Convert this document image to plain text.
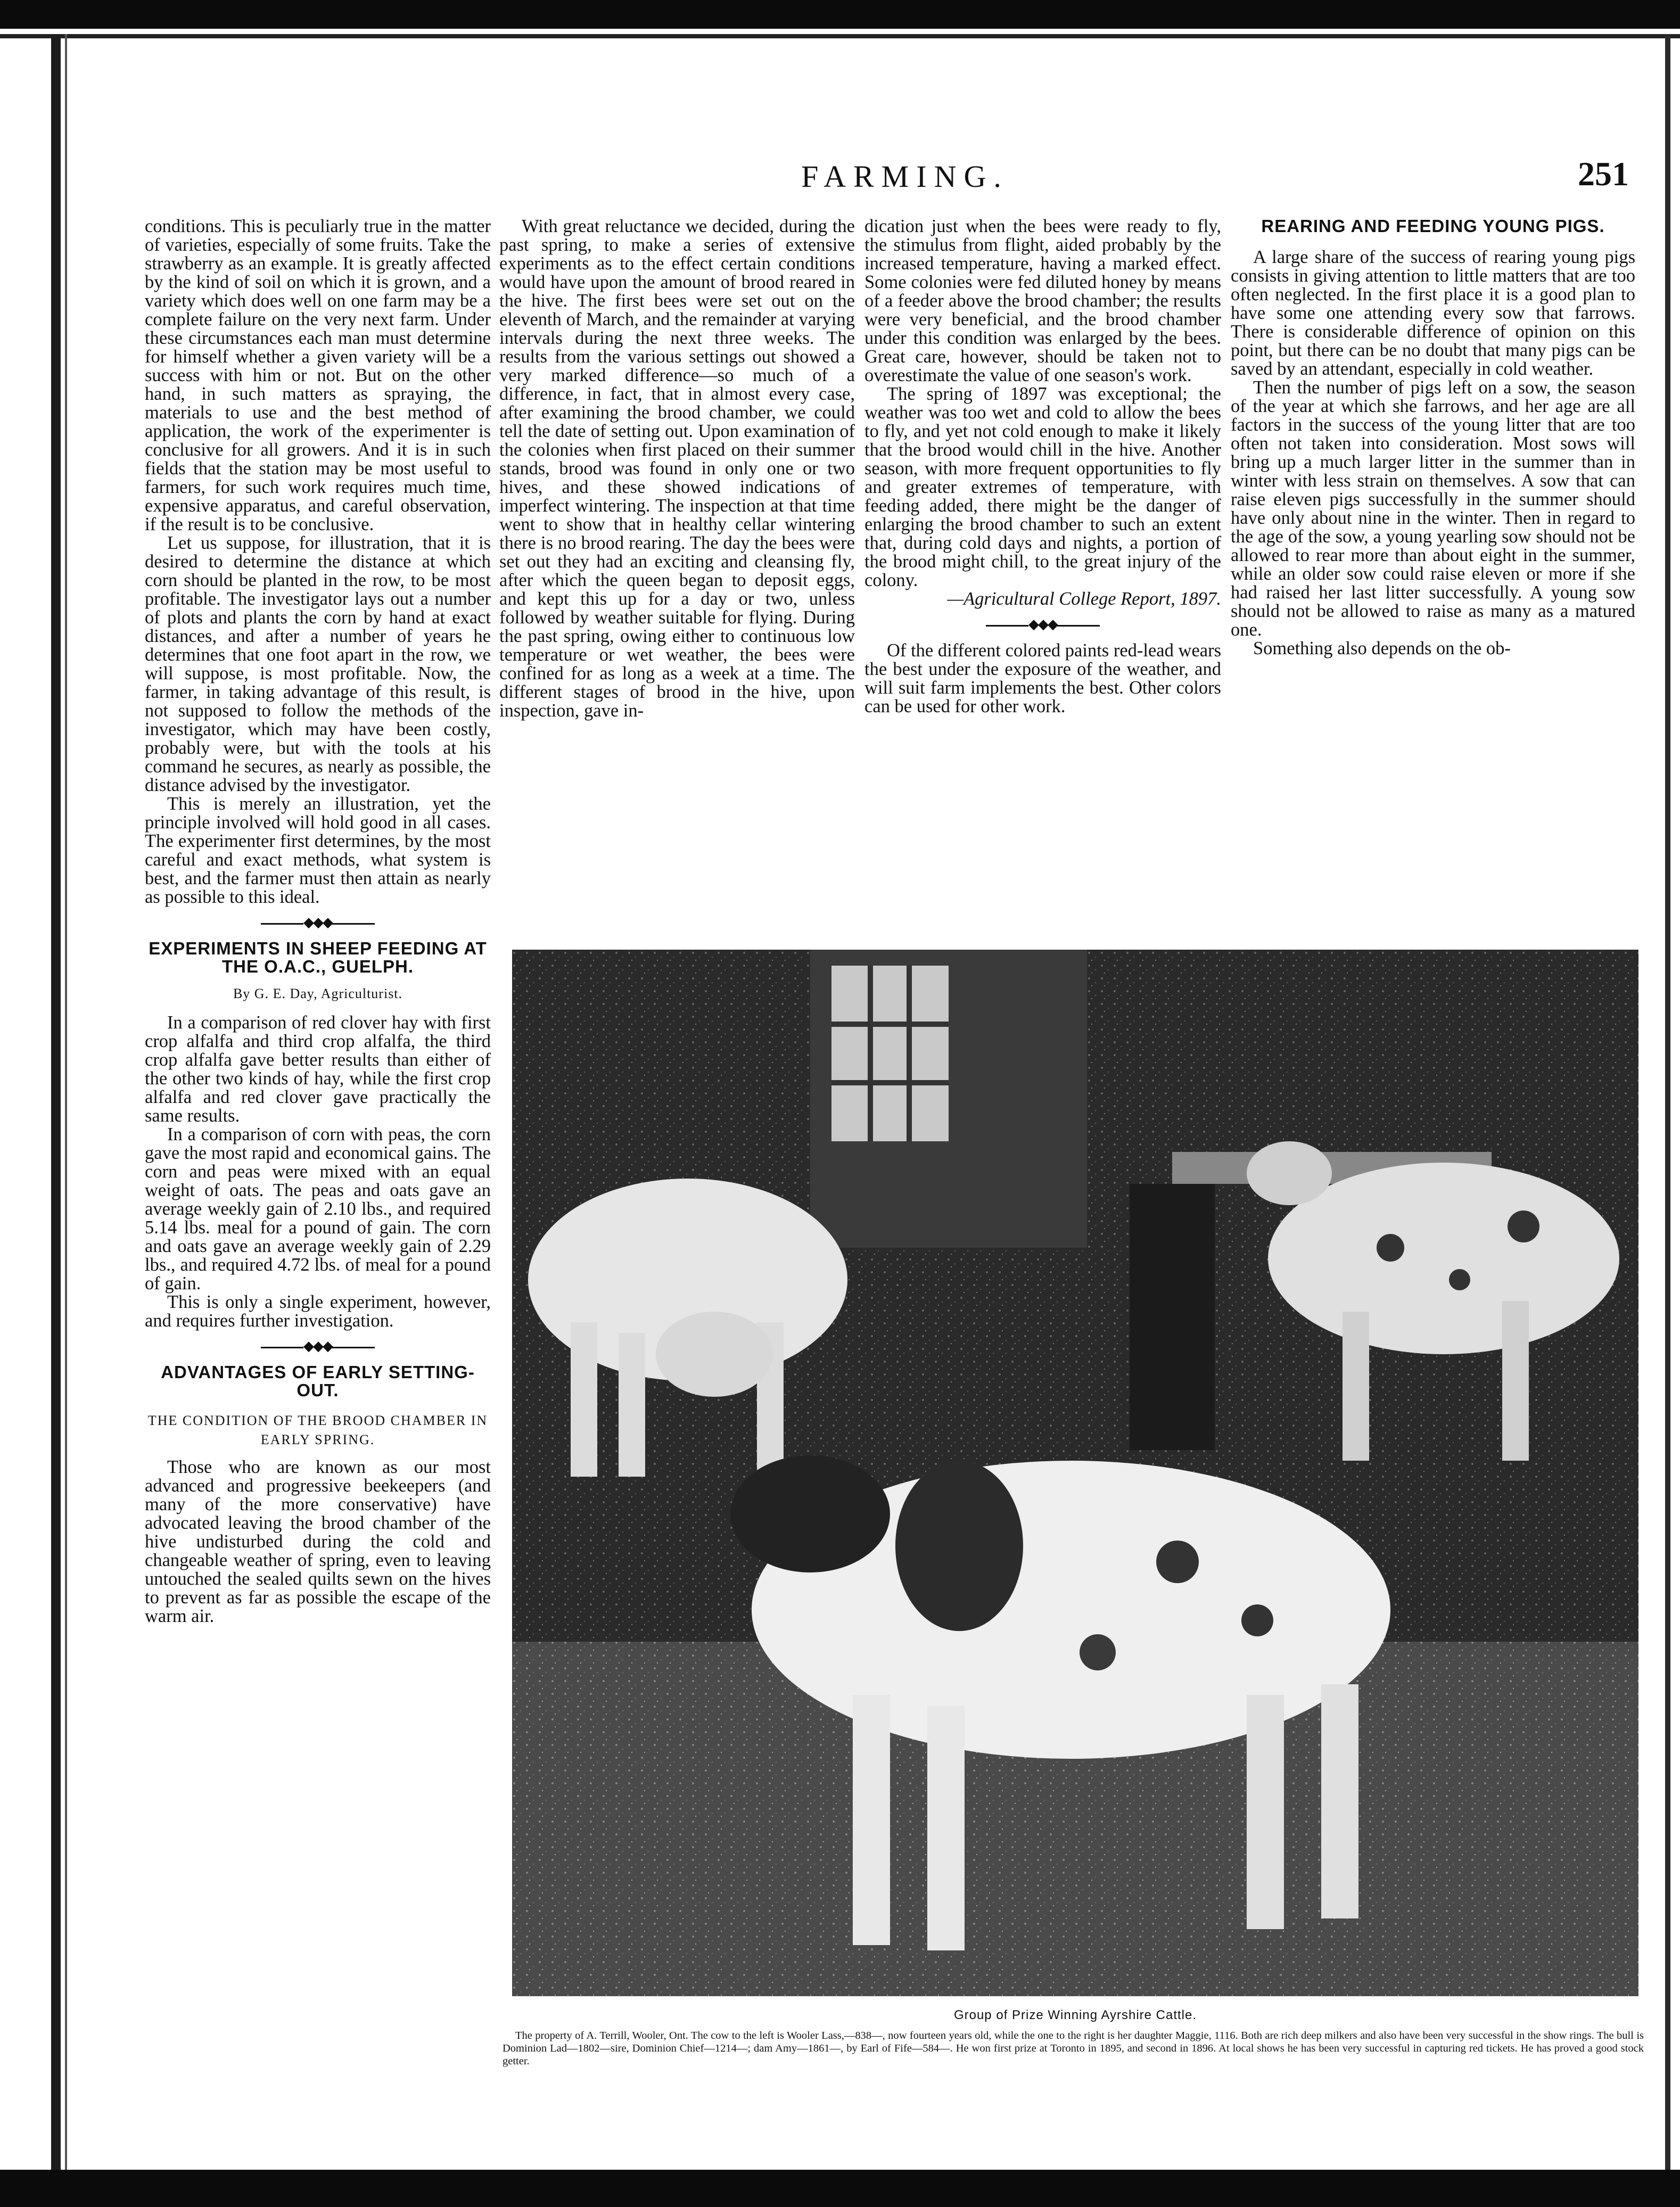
FARMING.	251

conditions. This is peculiarly true in the matter of varieties, especially of some fruits. Take the strawberry as an example. It is greatly affected by the kind of soil on which it is grown, and a variety which does well on one farm may be a complete failure on the very next farm. Under these circumstances each man must determine for himself whether a given variety will be a success with him or not. But on the other hand, in such matters as spraying, the materials to use and the best method of application, the work of the experimenter is conclusive for all growers. And it is in such fields that the station may be most useful to farmers, for such work requires much time, expensive apparatus, and careful observation, if the result is to be conclusive.

Let us suppose, for illustration, that it is desired to determine the distance at which corn should be planted in the row, to be most profitable. The investigator lays out a number of plots and plants the corn by hand at exact distances, and after a number of years he determines that one foot apart in the row, we will suppose, is most profitable. Now, the farmer, in taking advantage of this result, is not supposed to follow the methods of the investigator, which may have been costly, probably were, but with the tools at his command he secures, as nearly as possible, the distance advised by the investigator.

This is merely an illustration, yet the principle involved will hold good in all cases. The experimenter first determines, by the most careful and exact methods, what system is best, and the farmer must then attain as nearly as possible to this ideal.

◆◆◆
EXPERIMENTS IN SHEEP FEEDING AT THE O.A.C., GUELPH.
By G. E. Day, Agriculturist.

In a comparison of red clover hay with first crop alfalfa and third crop alfalfa, the third crop alfalfa gave better results than either of the other two kinds of hay, while the first crop alfalfa and red clover gave practically the same results.

In a comparison of corn with peas, the corn gave the most rapid and economical gains. The corn and peas were mixed with an equal weight of oats. The peas and oats gave an average weekly gain of 2.10 lbs., and required 5.14 lbs. meal for a pound of gain. The corn and oats gave an average weekly gain of 2.29 lbs., and required 4.72 lbs. of meal for a pound of gain.

This is only a single experiment, however, and requires further investigation.

◆◆◆
ADVANTAGES OF EARLY SETTING-OUT.
THE CONDITION OF THE BROOD CHAMBER IN EARLY SPRING.

Those who are known as our most advanced and progressive beekeepers (and many of the more conservative) have advocated leaving the brood chamber of the hive undisturbed during the cold and changeable weather of spring, even to leaving untouched the sealed quilts sewn on the hives to prevent as far as possible the escape of the warm air.

With great reluctance we decided, during the past spring, to make a series of extensive experiments as to the effect certain conditions would have upon the amount of brood reared in the hive. The first bees were set out on the eleventh of March, and the remainder at varying intervals during the next three weeks. The results from the various settings out showed a very marked difference—so much of a difference, in fact, that in almost every case, after examining the brood chamber, we could tell the date of setting out. Upon examination of the colonies when first placed on their summer stands, brood was found in only one or two hives, and these showed indications of imperfect wintering. The inspection at that time went to show that in healthy cellar wintering there is no brood rearing. The day the bees were set out they had an exciting and cleansing fly, after which the queen began to deposit eggs, and kept this up for a day or two, unless followed by weather suitable for flying. During the past spring, owing either to continuous low temperature or wet weather, the bees were confined for as long as a week at a time. The different stages of brood in the hive, upon inspection, gave in-

dication just when the bees were ready to fly, the stimulus from flight, aided probably by the increased temperature, having a marked effect. Some colonies were fed diluted honey by means of a feeder above the brood chamber; the results were very beneficial, and the brood chamber under this condition was enlarged by the bees. Great care, however, should be taken not to overestimate the value of one season's work.

The spring of 1897 was exceptional; the weather was too wet and cold to allow the bees to fly, and yet not cold enough to make it likely that the brood would chill in the hive. Another season, with more frequent opportunities to fly and greater extremes of temperature, with feeding added, there might be the danger of enlarging the brood chamber to such an extent that, during cold days and nights, a portion of the brood might chill, to the great injury of the colony.

—Agricultural College Report, 1897.

◆◆◆

Of the different colored paints red-lead wears the best under the exposure of the weather, and will suit farm implements the best. Other colors can be used for other work.

REARING AND FEEDING YOUNG PIGS.

A large share of the success of rearing young pigs consists in giving attention to little matters that are too often neglected. In the first place it is a good plan to have some one attending every sow that farrows. There is considerable difference of opinion on this point, but there can be no doubt that many pigs can be saved by an attendant, especially in cold weather.

Then the number of pigs left on a sow, the season of the year at which she farrows, and her age are all factors in the success of the young litter that are too often not taken into consideration. Most sows will bring up a much larger litter in the summer than in winter with less strain on themselves. A sow that can raise eleven pigs successfully in the summer should have only about nine in the winter. Then in regard to the age of the sow, a young yearling sow should not be allowed to rear more than about eight in the summer, while an older sow could raise eleven or more if she had raised her last litter successfully. A young sow should not be allowed to raise as many as a matured one.

Something also depends on the ob-

Group of Prize Winning Ayrshire Cattle.
The property of A. Terrill, Wooler, Ont. The cow to the left is Wooler Lass,—838—, now fourteen years old, while the one to the right is her daughter Maggie, 1116. Both are rich deep milkers and also have been very successful in the show rings. The bull is Dominion Lad—1802—sire, Dominion Chief—1214—; dam Amy—1861—, by Earl of Fife—584—. He won first prize at Toronto in 1895, and second in 1896. At local shows he has been very successful in capturing red tickets. He has proved a good stock getter.
